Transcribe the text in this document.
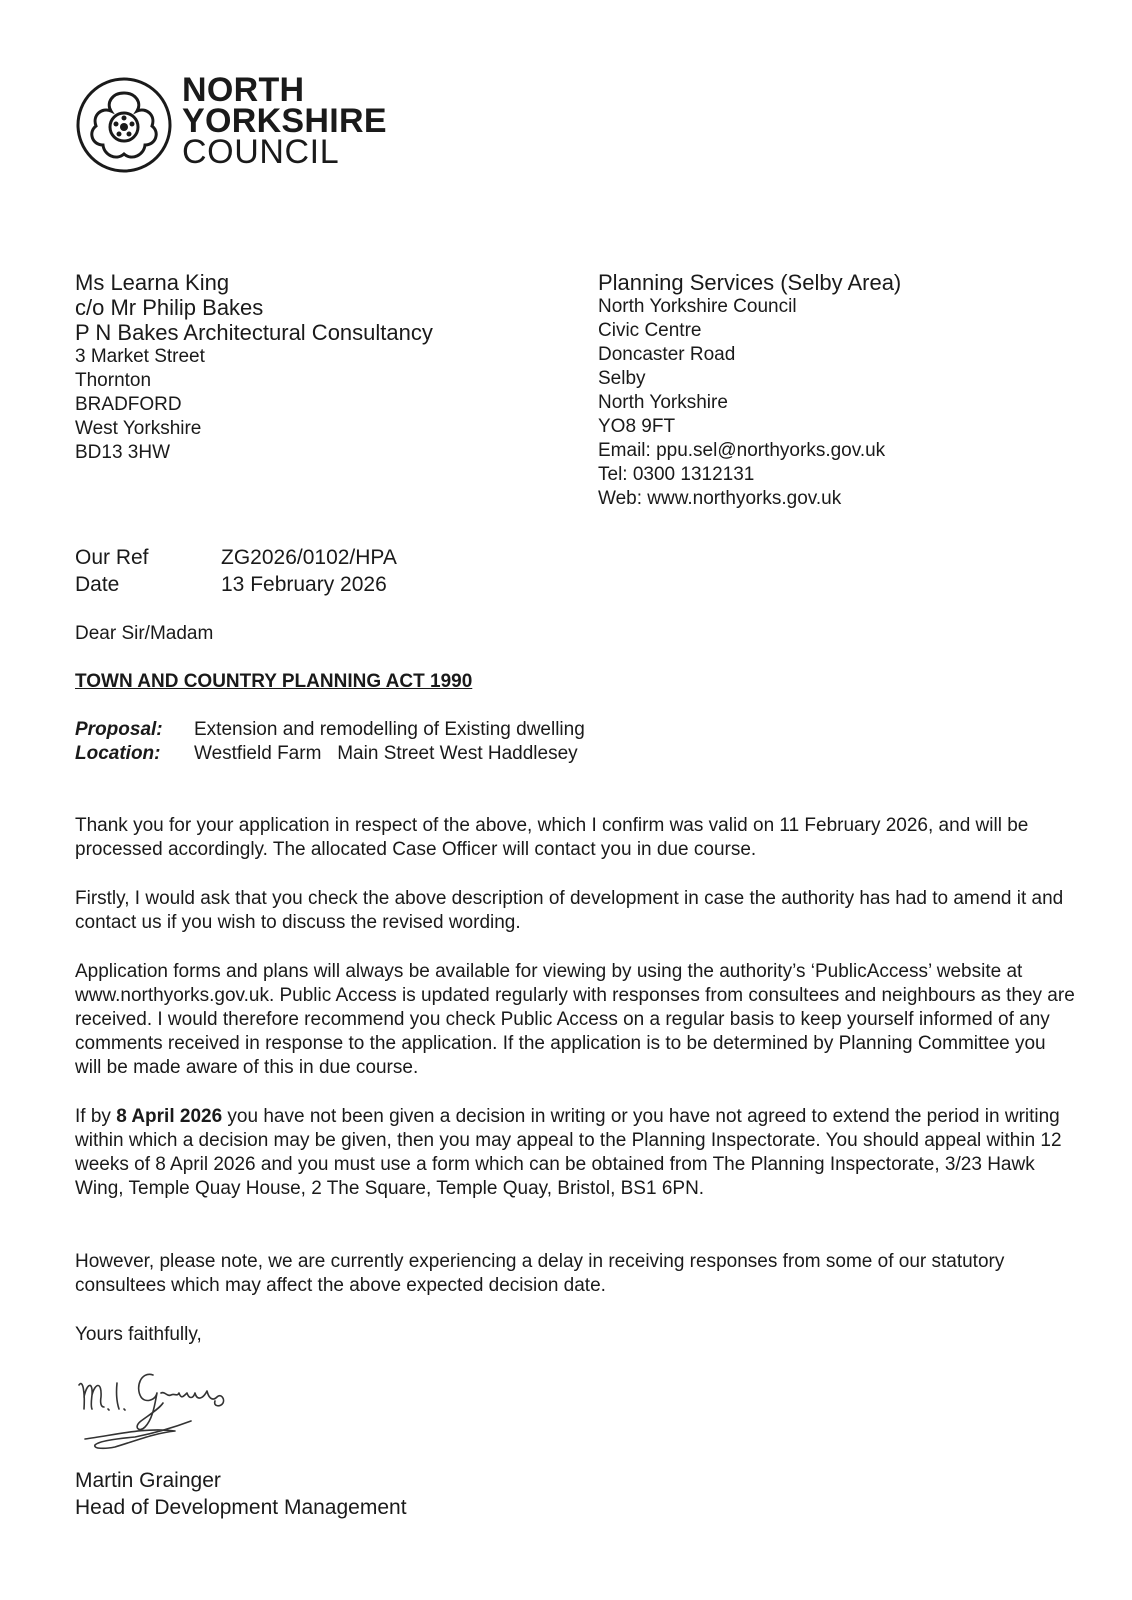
NORTH
YORKSHIRE
COUNCIL
Ms Learna King
c/o Mr Philip Bakes
P N Bakes Architectural Consultancy
3 Market Street
Thornton
BRADFORD
West Yorkshire
BD13 3HW
Planning Services (Selby Area)
North Yorkshire Council
Civic Centre
Doncaster Road
Selby
North Yorkshire
YO8 9FT
Email: ppu.sel@northyorks.gov.uk
Tel: 0300 1312131
Web: www.northyorks.gov.uk
Our Ref	ZG2026/0102/HPA
Date	13 February 2026
Dear Sir/Madam
TOWN AND COUNTRY PLANNING ACT 1990
Proposal:	Extension and remodelling of Existing dwelling
Location:	Westfield Farm   Main Street West Haddlesey
Thank you for your application in respect of the above, which I confirm was valid on 11 February 2026, and will be processed accordingly. The allocated Case Officer will contact you in due course.
Firstly, I would ask that you check the above description of development in case the authority has had to amend it and contact us if you wish to discuss the revised wording.
Application forms and plans will always be available for viewing by using the authority’s ‘PublicAccess’ website at www.northyorks.gov.uk. Public Access is updated regularly with responses from consultees and neighbours as they are received. I would therefore recommend you check Public Access on a regular basis to keep yourself informed of any comments received in response to the application. If the application is to be determined by Planning Committee you will be made aware of this in due course.
If by 8 April 2026 you have not been given a decision in writing or you have not agreed to extend the period in writing within which a decision may be given, then you may appeal to the Planning Inspectorate. You should appeal within 12 weeks of 8 April 2026 and you must use a form which can be obtained from The Planning Inspectorate, 3/23 Hawk Wing, Temple Quay House, 2 The Square, Temple Quay, Bristol, BS1 6PN.
However, please note, we are currently experiencing a delay in receiving responses from some of our statutory consultees which may affect the above expected decision date.
Yours faithfully,
Martin Grainger
Head of Development Management
